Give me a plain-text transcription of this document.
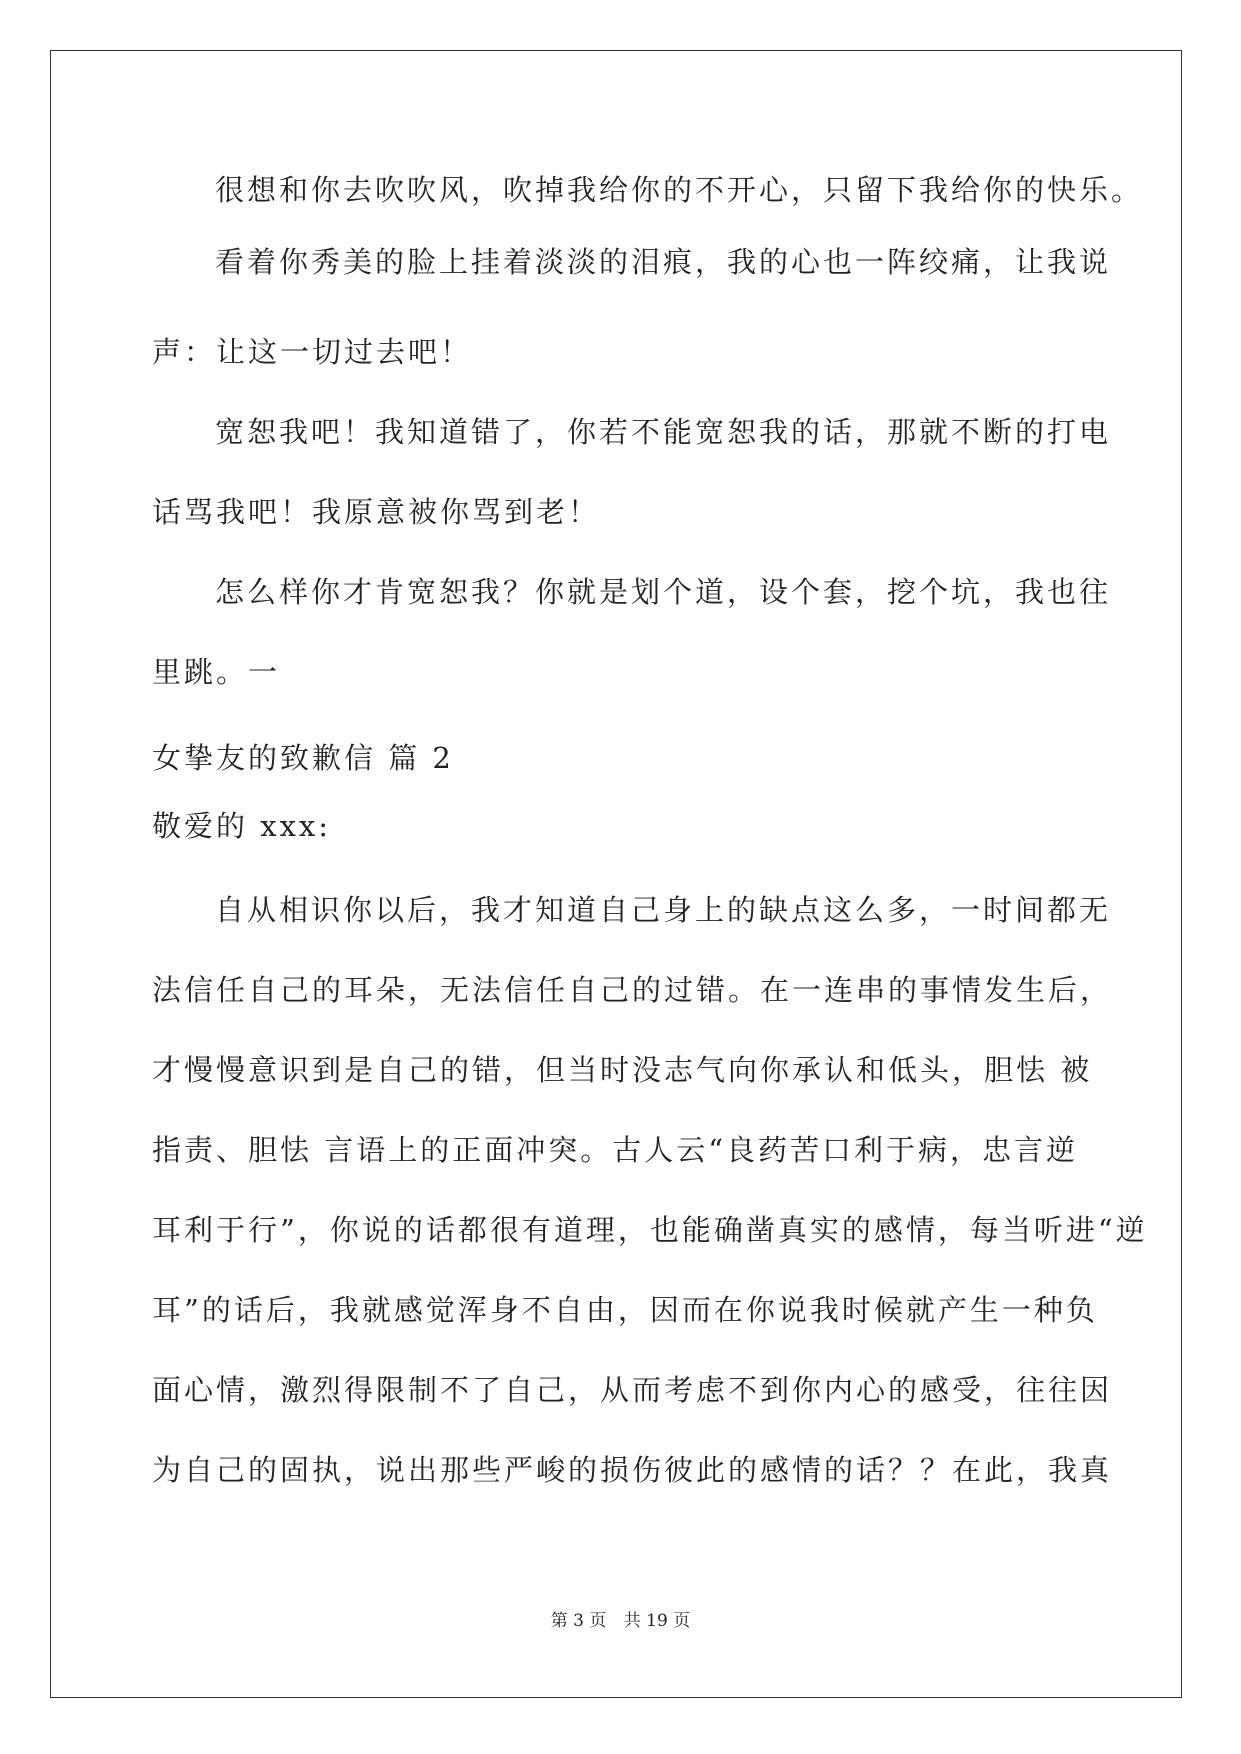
很想和你去吹吹风，吹掉我给你的不开心，只留下我给你的快乐。

看着你秀美的脸上挂着淡淡的泪痕，我的心也一阵绞痛，让我说

声：让这一切过去吧！

宽恕我吧！我知道错了，你若不能宽恕我的话，那就不断的打电

话骂我吧！我原意被你骂到老！

怎么样你才肯宽恕我？你就是划个道，设个套，挖个坑，我也往

里跳。一

女挚友的致歉信 篇 2

敬爱的 xxx:

自从相识你以后，我才知道自己身上的缺点这么多，一时间都无

法信任自己的耳朵，无法信任自己的过错。在一连串的事情发生后，

才慢慢意识到是自己的错，但当时没志气向你承认和低头，胆怯 被

指责、胆怯 言语上的正面冲突。古人云“良药苦口利于病，忠言逆

耳利于行”，你说的话都很有道理，也能确凿真实的感情，每当听进“逆

耳”的话后，我就感觉浑身不自由，因而在你说我时候就产生一种负

面心情，激烈得限制不了自己，从而考虑不到你内心的感受，往往因

为自己的固执，说出那些严峻的损伤彼此的感情的话？？在此，我真

第 3 页 共 19 页
